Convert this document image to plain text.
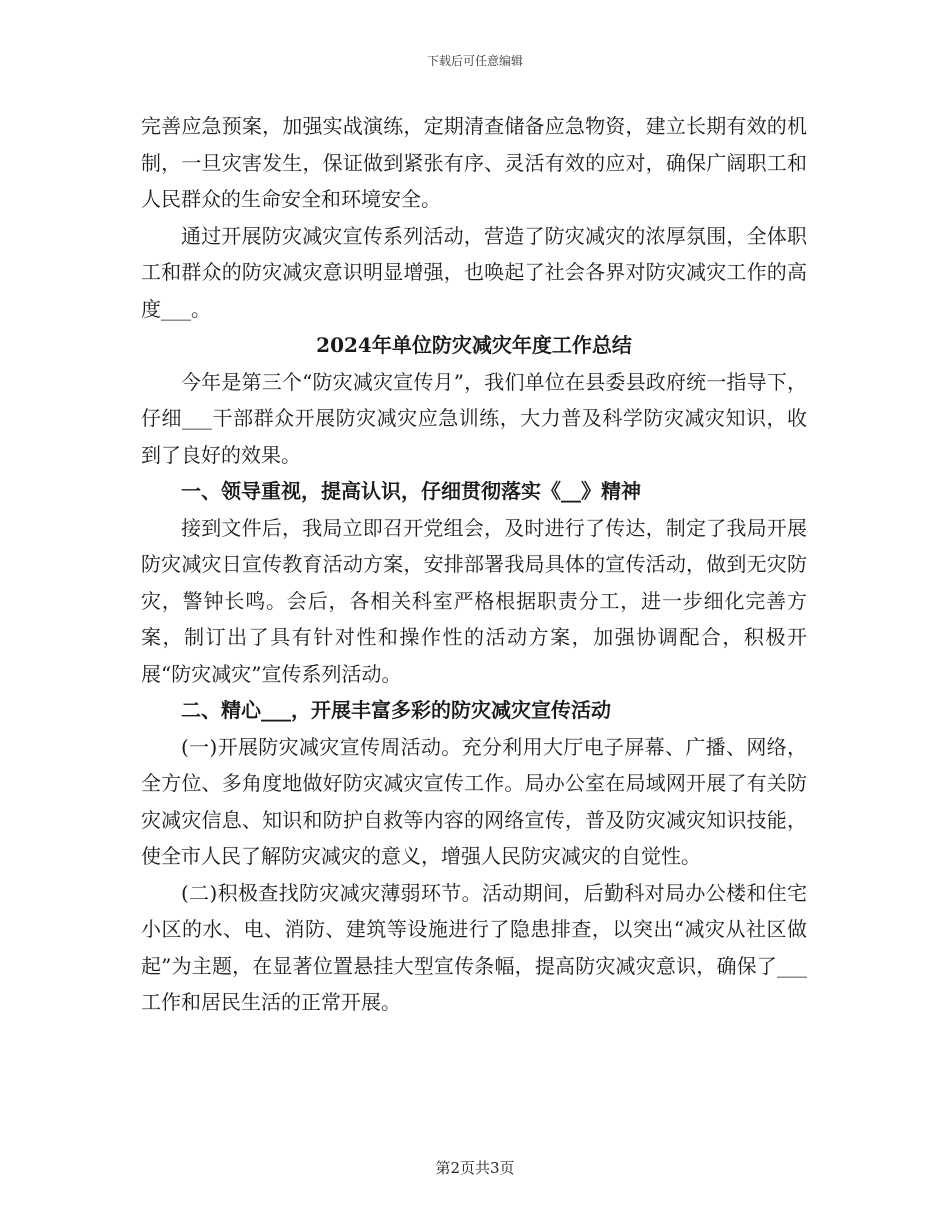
下载后可任意编辑

完善应急预案，加强实战演练，定期清查储备应急物资，建立长期有效的机制，一旦灾害发生，保证做到紧张有序、灵活有效的应对，确保广阔职工和人民群众的生命安全和环境安全。

通过开展防灾减灾宣传系列活动，营造了防灾减灾的浓厚氛围，全体职工和群众的防灾减灾意识明显增强，也唤起了社会各界对防灾减灾工作的高度___。

2024年单位防灾减灾年度工作总结

今年是第三个“防灾减灾宣传月”，我们单位在县委县政府统一指导下，仔细___干部群众开展防灾减灾应急训练，大力普及科学防灾减灾知识，收到了良好的效果。

一、领导重视，提高认识，仔细贯彻落实《__》精神

接到文件后，我局立即召开党组会，及时进行了传达，制定了我局开展防灾减灾日宣传教育活动方案，安排部署我局具体的宣传活动，做到无灾防灾，警钟长鸣。会后，各相关科室严格根据职责分工，进一步细化完善方案，制订出了具有针对性和操作性的活动方案，加强协调配合，积极开展“防灾减灾”宣传系列活动。

二、精心___，开展丰富多彩的防灾减灾宣传活动

(一)开展防灾减灾宣传周活动。充分利用大厅电子屏幕、广播、网络，全方位、多角度地做好防灾减灾宣传工作。局办公室在局域网开展了有关防灾减灾信息、知识和防护自救等内容的网络宣传，普及防灾减灾知识技能，使全市人民了解防灾减灾的意义，增强人民防灾减灾的自觉性。

(二)积极查找防灾减灾薄弱环节。活动期间，后勤科对局办公楼和住宅小区的水、电、消防、建筑等设施进行了隐患排查，以突出“减灾从社区做起”为主题，在显著位置悬挂大型宣传条幅，提高防灾减灾意识，确保了___工作和居民生活的正常开展。

第2页共3页
